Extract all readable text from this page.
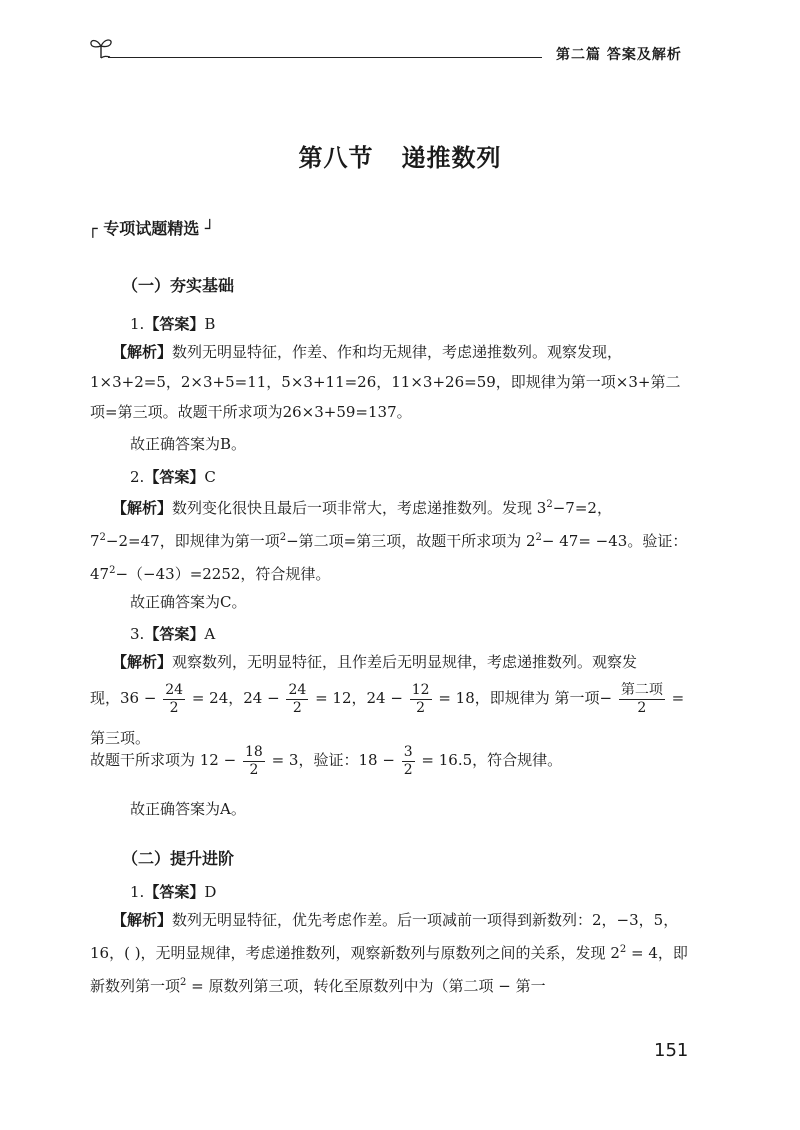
第二篇 答案及解析
第八节   递推数列
┌ 专项试题精选 ┘
（一）夯实基础
1.【答案】B
【解析】数列无明显特征，作差、作和均无规律，考虑递推数列。观察发现，1×3+2=5，2×3+5=11，5×3+11=26，11×3+26=59，即规律为第一项×3+第二项=第三项。故题干所求项为26×3+59=137。
故正确答案为B。
2.【答案】C
【解析】数列变化很快且最后一项非常大，考虑递推数列。发现 $3^2-7=2$，$7^2-2=47$，即规律为第一项$^2$−第二项=第三项，故题干所求项为 $2^2- 47= -43$。验证：$47^2-(-43)=2252$，符合规律。
故正确答案为C。
3.【答案】A
【解析】观察数列，无明显特征，且作差后无明显规律，考虑递推数列。观察发
现，$36 - \frac{24}{2} = 24$，$24 - \frac{24}{2} = 12$，$24 - \frac{12}{2} = 18$，即规律为 第一项− $\frac{\text{第二项}}{2}$ = 第三项。
故题干所求项为 $12 - \frac{18}{2} = 3$，验证：$18 - \frac{3}{2} = 16.5$，符合规律。
故正确答案为A。
（二）提升进阶
1.【答案】D
【解析】数列无明显特征，优先考虑作差。后一项减前一项得到新数列：2，−3，5，16，( )，无明显规律，考虑递推数列，观察新数列与原数列之间的关系，发现 $2^2 = 4$，即新数列第一项$^2$ = 原数列第三项，转化至原数列中为（第二项 − 第一
151
